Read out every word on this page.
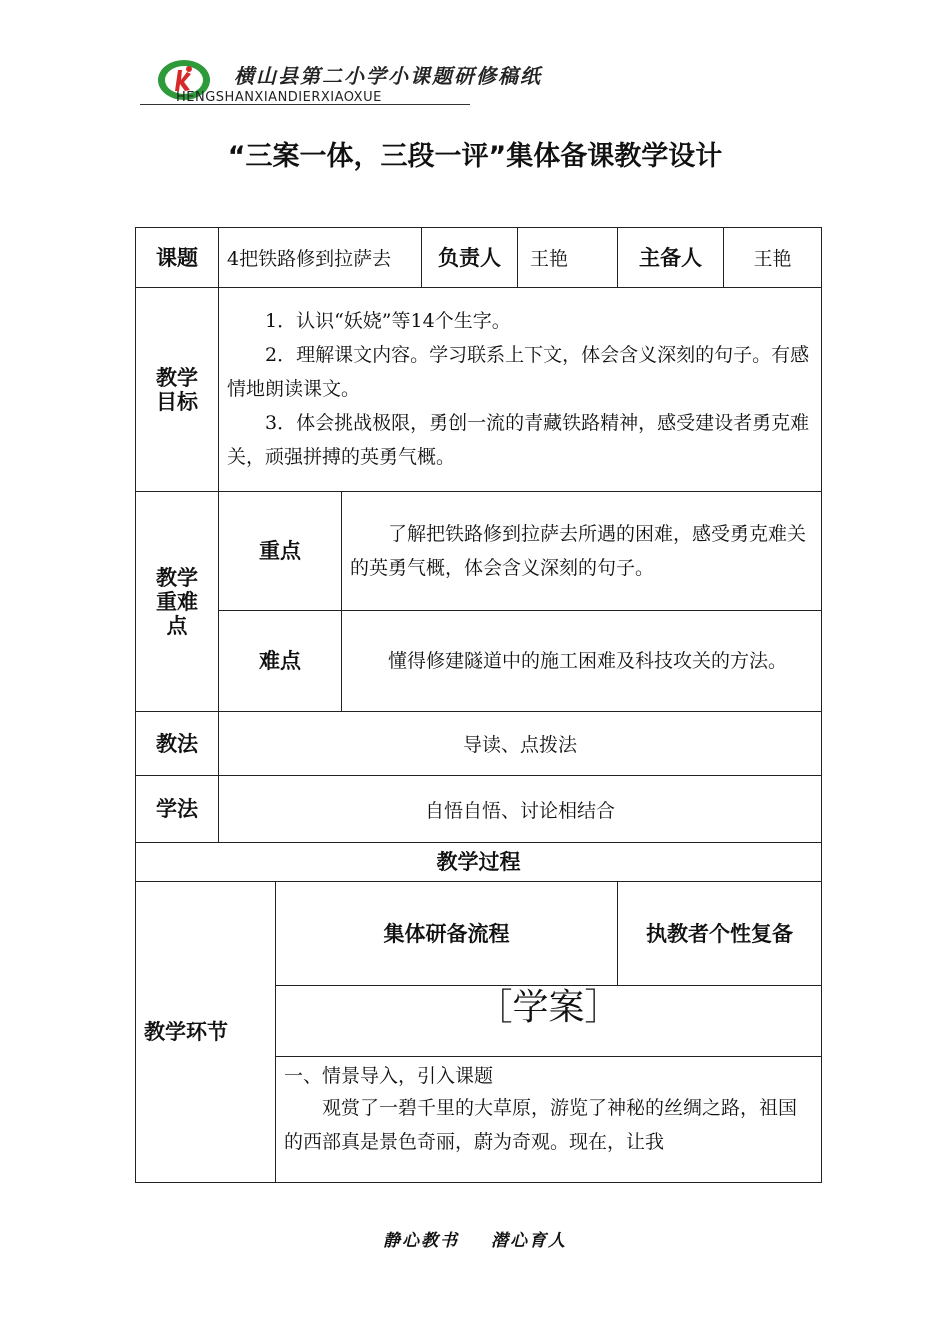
横山县第二小学小课题研修稿纸
HENGSHANXIANDIERXIAOXUE
“三案一体，三段一评”集体备课教学设计
课题	4把铁路修到拉萨去			负责人	王艳	主备人	王艳

教学目标	1．认识“妖娆”等14个生字。

2．理解课文内容。学习联系上下文，体会含义深刻的句子。有感情地朗读课文。

3．体会挑战极限，勇创一流的青藏铁路精神，感受建设者勇克难关，顽强拼搏的英勇气概。						

教学重难点	重点		了解把铁路修到拉萨去所遇的困难，感受勇克难关的英勇气概，体会含义深刻的句子。				

	难点		懂得修建隧道中的施工困难及科技攻关的方法。				

教法	导读、点拨法						
学法	自悟自悟、讨论相结合						
教学过程							
教学环节		集体研备流程				执教者个性复备	
		［学案］					

		一、情景导入，引入课题

观赏了一碧千里的大草原，游览了神秘的丝绸之路，祖国的西部真是景色奇丽，蔚为奇观。现在，让我					

静心教书 潜心育人
